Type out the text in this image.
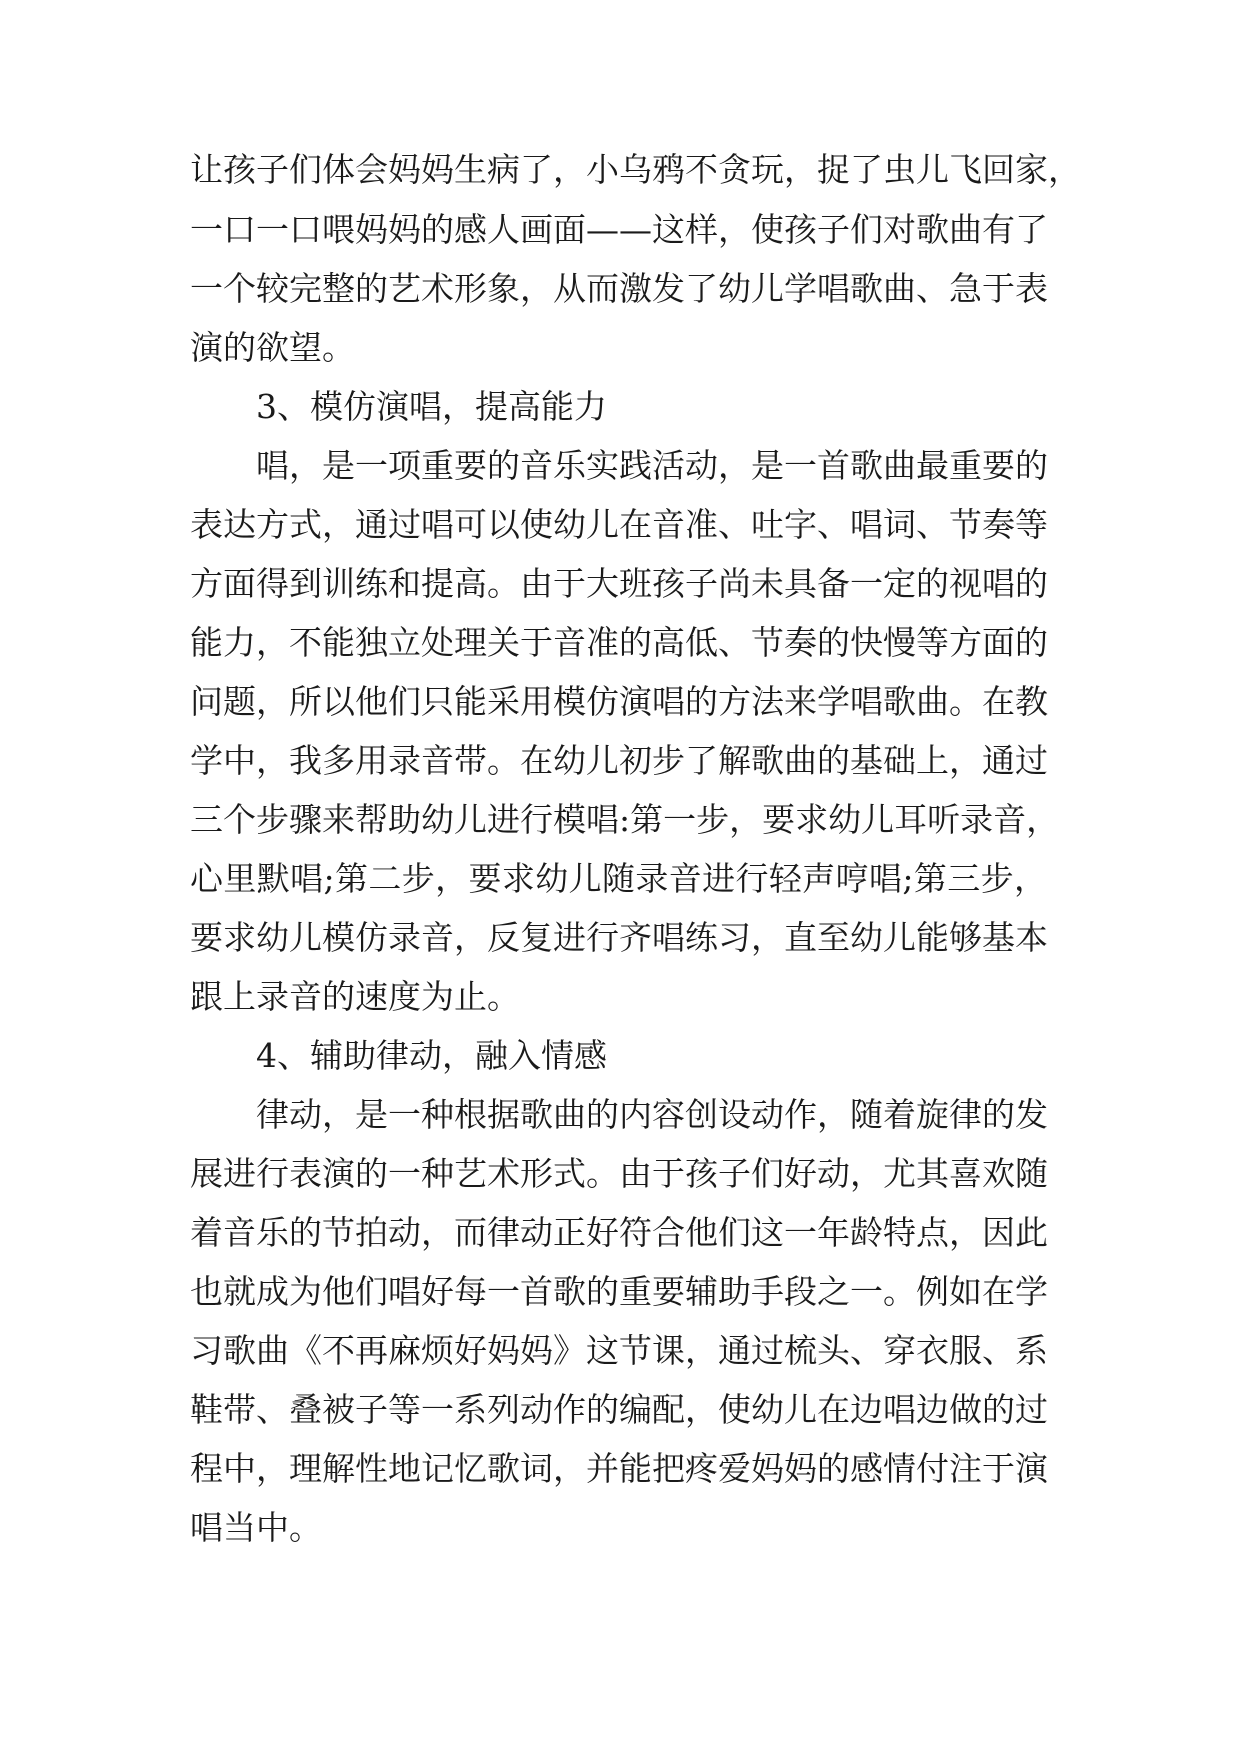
让孩子们体会妈妈生病了，小乌鸦不贪玩，捉了虫儿飞回家，

一口一口喂妈妈的感人画面——这样，使孩子们对歌曲有了

一个较完整的艺术形象，从而激发了幼儿学唱歌曲、急于表

演的欲望。

3、模仿演唱，提高能力

唱，是一项重要的音乐实践活动，是一首歌曲最重要的

表达方式，通过唱可以使幼儿在音准、吐字、唱词、节奏等

方面得到训练和提高。由于大班孩子尚未具备一定的视唱的

能力，不能独立处理关于音准的高低、节奏的快慢等方面的

问题，所以他们只能采用模仿演唱的方法来学唱歌曲。在教

学中，我多用录音带。在幼儿初步了解歌曲的基础上，通过

三个步骤来帮助幼儿进行模唱:第一步，要求幼儿耳听录音，

心里默唱;第二步，要求幼儿随录音进行轻声哼唱;第三步，

要求幼儿模仿录音，反复进行齐唱练习，直至幼儿能够基本

跟上录音的速度为止。

4、辅助律动，融入情感

律动，是一种根据歌曲的内容创设动作，随着旋律的发

展进行表演的一种艺术形式。由于孩子们好动，尤其喜欢随

着音乐的节拍动，而律动正好符合他们这一年龄特点，因此

也就成为他们唱好每一首歌的重要辅助手段之一。例如在学

习歌曲《不再麻烦好妈妈》这节课，通过梳头、穿衣服、系

鞋带、叠被子等一系列动作的编配，使幼儿在边唱边做的过

程中，理解性地记忆歌词，并能把疼爱妈妈的感情付注于演

唱当中。
